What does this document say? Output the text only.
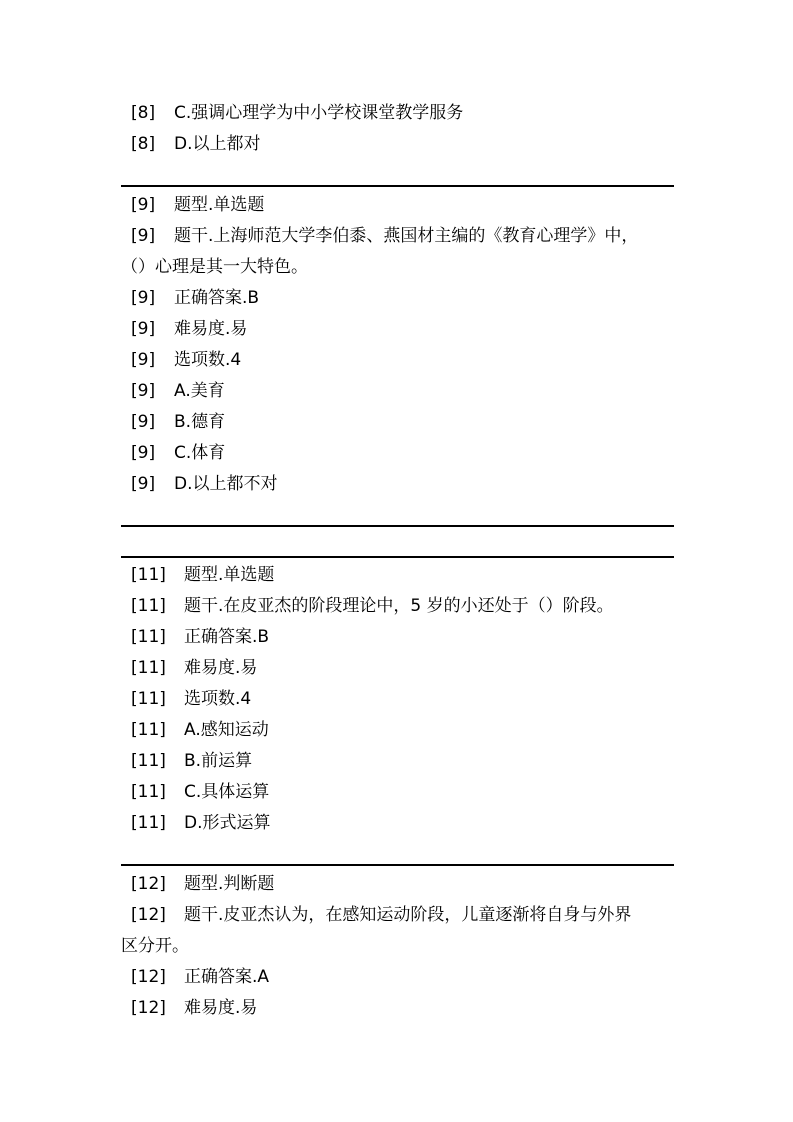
[8] C.强调心理学为中小学校课堂教学服务
[8] D.以上都对
[9] 题型.单选题
[9] 题干.上海师范大学李伯黍、燕国材主编的《教育心理学》中，
（）心理是其一大特色。
[9] 正确答案.B
[9] 难易度.易
[9] 选项数.4
[9] A.美育
[9] B.德育
[9] C.体育
[9] D.以上都不对
[11] 题型.单选题
[11] 题干.在皮亚杰的阶段理论中，5 岁的小还处于（）阶段。
[11] 正确答案.B
[11] 难易度.易
[11] 选项数.4
[11] A.感知运动
[11] B.前运算
[11] C.具体运算
[11] D.形式运算
[12] 题型.判断题
[12] 题干.皮亚杰认为，在感知运动阶段，儿童逐渐将自身与外界
区分开。
[12] 正确答案.A
[12] 难易度.易
